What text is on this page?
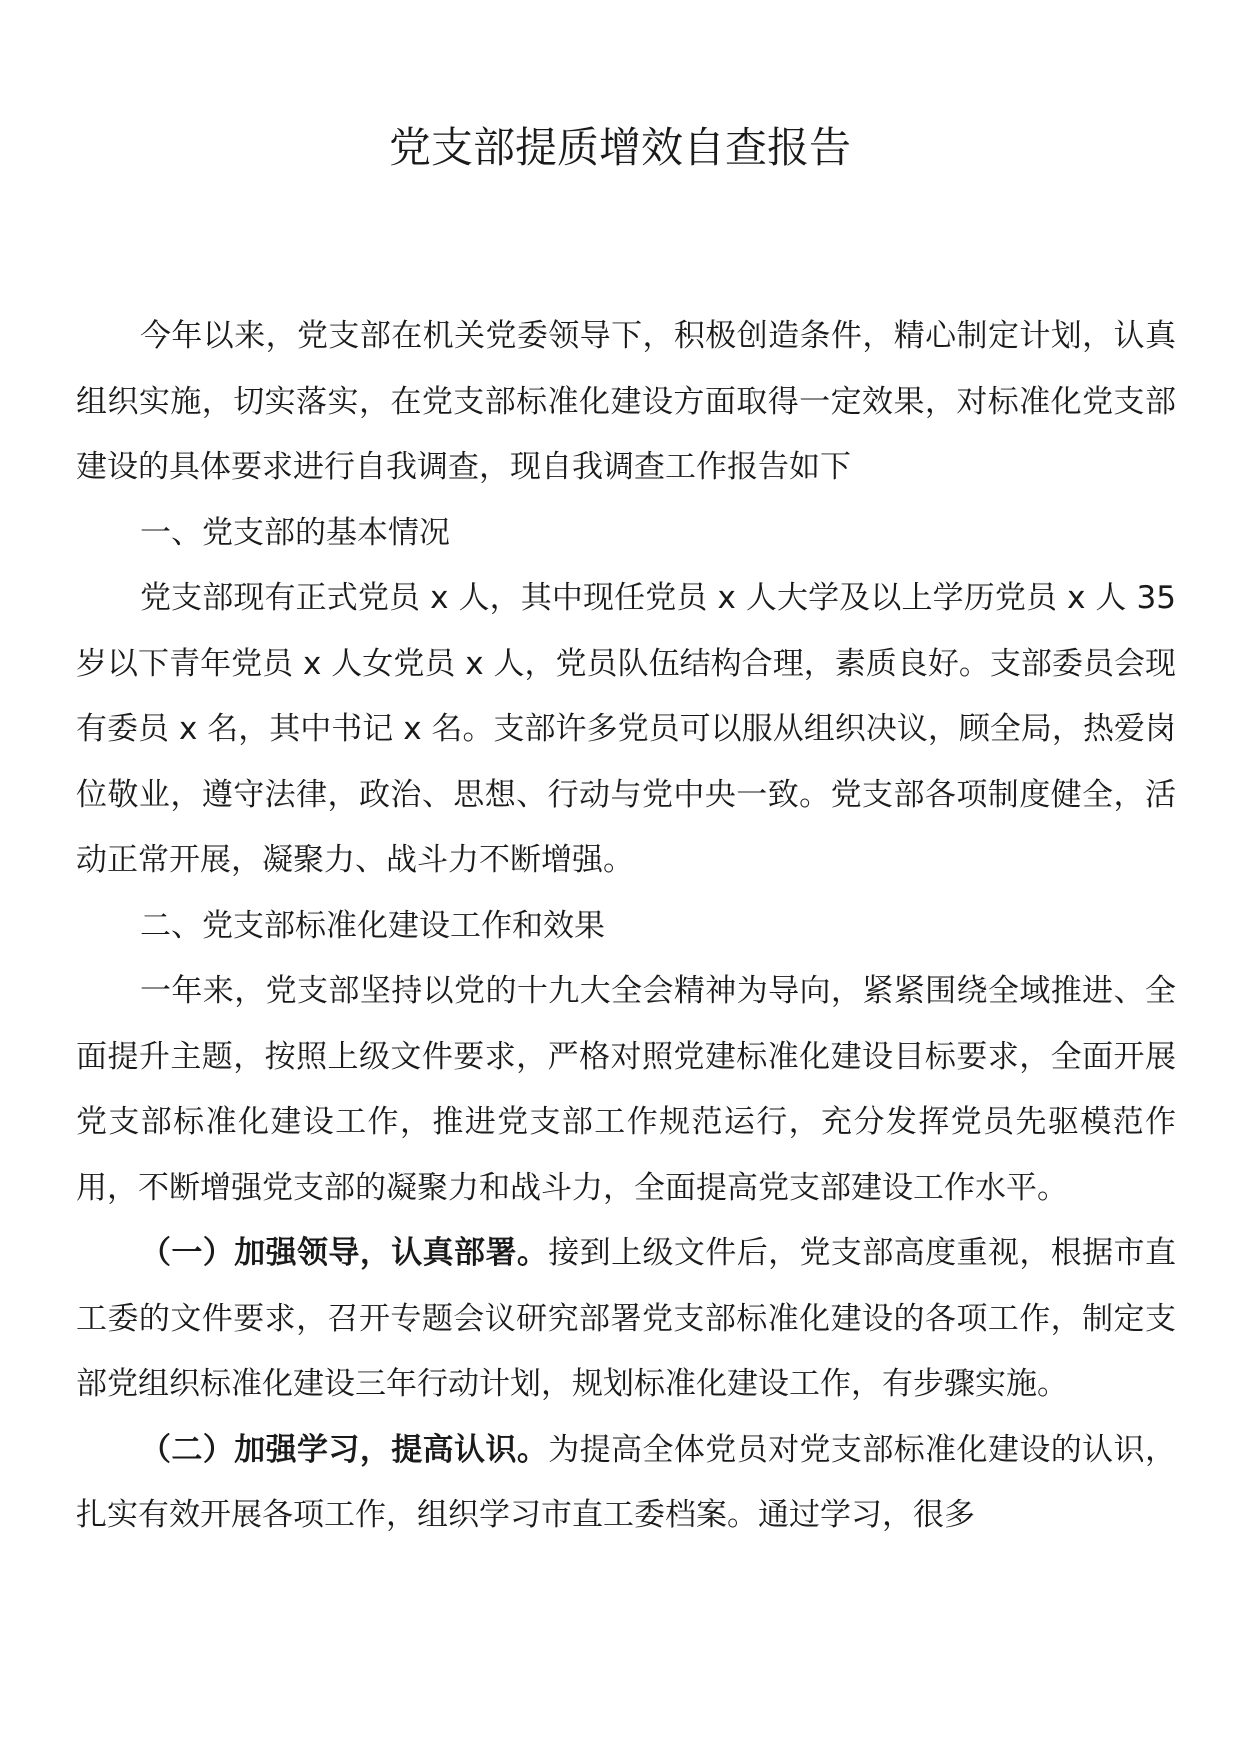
党支部提质增效自查报告

今年以来，党支部在机关党委领导下，积极创造条件，精心制定计划，认真组织实施，切实落实，在党支部标准化建设方面取得一定效果，对标准化党支部建设的具体要求进行自我调查，现自我调查工作报告如下

一、党支部的基本情况

党支部现有正式党员 x 人，其中现任党员 x 人大学及以上学历党员 x 人 35 岁以下青年党员 x 人女党员 x 人，党员队伍结构合理，素质良好。支部委员会现有委员 x 名，其中书记 x 名。支部许多党员可以服从组织决议，顾全局，热爱岗位敬业，遵守法律，政治、思想、行动与党中央一致。党支部各项制度健全，活动正常开展，凝聚力、战斗力不断增强。

二、党支部标准化建设工作和效果

一年来，党支部坚持以党的十九大全会精神为导向，紧紧围绕全域推进、全面提升主题，按照上级文件要求，严格对照党建标准化建设目标要求，全面开展党支部标准化建设工作，推进党支部工作规范运行，充分发挥党员先驱模范作用，不断增强党支部的凝聚力和战斗力，全面提高党支部建设工作水平。

（一）加强领导，认真部署。接到上级文件后，党支部高度重视，根据市直工委的文件要求，召开专题会议研究部署党支部标准化建设的各项工作，制定支部党组织标准化建设三年行动计划，规划标准化建设工作，有步骤实施。

（二）加强学习，提高认识。为提高全体党员对党支部标准化建设的认识，扎实有效开展各项工作，组织学习市直工委档案。通过学习，很多
